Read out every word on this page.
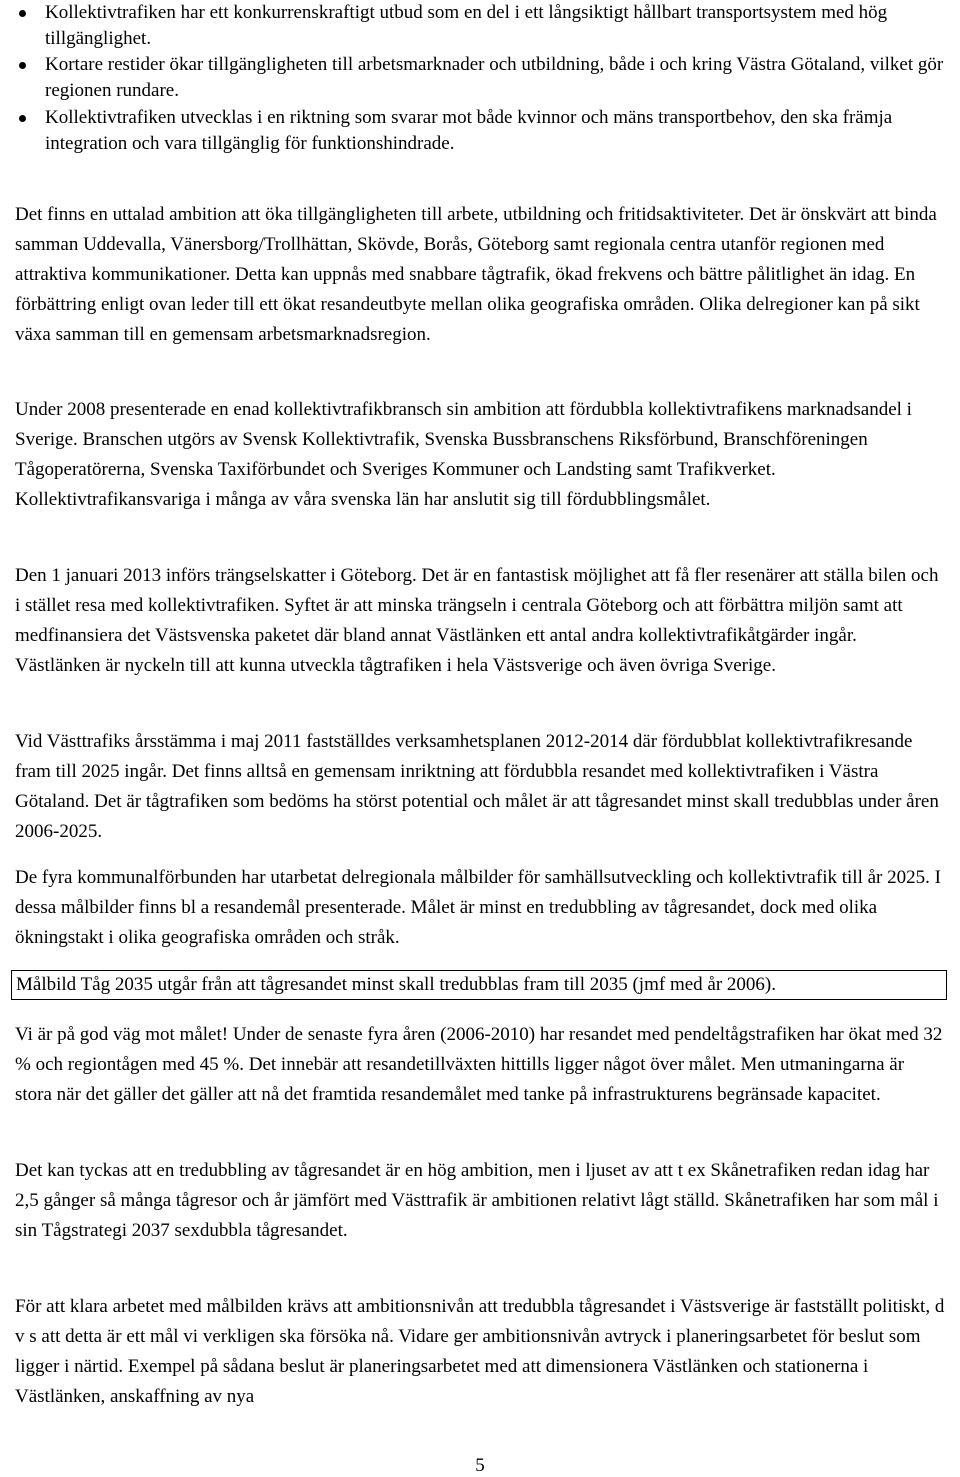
Kollektivtrafiken har ett konkurrenskraftigt utbud som en del i ett långsiktigt hållbart transportsystem med hög tillgänglighet.
Kortare restider ökar tillgängligheten till arbetsmarknader och utbildning, både i och kring Västra Götaland, vilket gör regionen rundare.
Kollektivtrafiken utvecklas i en riktning som svarar mot både kvinnor och mäns transportbehov, den ska främja integration och vara tillgänglig för funktionshindrade.

Det finns en uttalad ambition att öka tillgängligheten till arbete, utbildning och fritidsaktiviteter. Det är önskvärt att binda samman Uddevalla, Vänersborg/Trollhättan, Skövde, Borås, Göteborg samt regionala centra utanför regionen med attraktiva kommunikationer. Detta kan uppnås med snabbare tågtrafik, ökad frekvens och bättre pålitlighet än idag. En förbättring enligt ovan leder till ett ökat resandeutbyte mellan olika geografiska områden. Olika delregioner kan på sikt växa samman till en gemensam arbetsmarknadsregion.

Under 2008 presenterade en enad kollektivtrafikbransch sin ambition att fördubbla kollektivtrafikens marknadsandel i Sverige. Branschen utgörs av Svensk Kollektivtrafik, Svenska Bussbranschens Riksförbund, Branschföreningen Tågoperatörerna, Svenska Taxiförbundet och Sveriges Kommuner och Landsting samt Trafikverket. Kollektivtrafikansvariga i många av våra svenska län har anslutit sig till fördubblingsmålet.

Den 1 januari 2013 införs trängselskatter i Göteborg. Det är en fantastisk möjlighet att få fler resenärer att ställa bilen och i stället resa med kollektivtrafiken. Syftet är att minska trängseln i centrala Göteborg och att förbättra miljön samt att medfinansiera det Västsvenska paketet där bland annat Västlänken ett antal andra kollektivtrafikåtgärder ingår. Västlänken är nyckeln till att kunna utveckla tågtrafiken i hela Västsverige och även övriga Sverige.

Vid Västtrafiks årsstämma i maj 2011 fastställdes verksamhetsplanen 2012-2014 där fördubblat kollektivtrafikresande fram till 2025 ingår. Det finns alltså en gemensam inriktning att fördubbla resandet med kollektivtrafiken i Västra Götaland. Det är tågtrafiken som bedöms ha störst potential och målet är att tågresandet minst skall tredubblas under åren 2006-2025.

De fyra kommunalförbunden har utarbetat delregionala målbilder för samhällsutveckling och kollektivtrafik till år 2025. I dessa målbilder finns bl a resandemål presenterade. Målet är minst en tredubbling av tågresandet, dock med olika ökningstakt i olika geografiska områden och stråk.

Målbild Tåg 2035 utgår från att tågresandet minst skall tredubblas fram till 2035 (jmf med år 2006).

Vi är på god väg mot målet! Under de senaste fyra åren (2006-2010) har resandet med pendeltågstrafiken har ökat med 32 % och regiontågen med 45 %. Det innebär att resandetillväxten hittills ligger något över målet. Men utmaningarna är stora när det gäller det gäller att nå det framtida resandemålet med tanke på infrastrukturens begränsade kapacitet.

Det kan tyckas att en tredubbling av tågresandet är en hög ambition, men i ljuset av att t ex Skånetrafiken redan idag har 2,5 gånger så många tågresor och år jämfört med Västtrafik är ambitionen relativt lågt ställd. Skånetrafiken har som mål i sin Tågstrategi 2037 sexdubbla tågresandet.

För att klara arbetet med målbilden krävs att ambitionsnivån att tredubbla tågresandet i Västsverige är fastställt politiskt, d v s att detta är ett mål vi verkligen ska försöka nå. Vidare ger ambitionsnivån avtryck i planeringsarbetet för beslut som ligger i närtid. Exempel på sådana beslut är planeringsarbetet med att dimensionera Västlänken och stationerna i Västlänken, anskaffning av nya

5
